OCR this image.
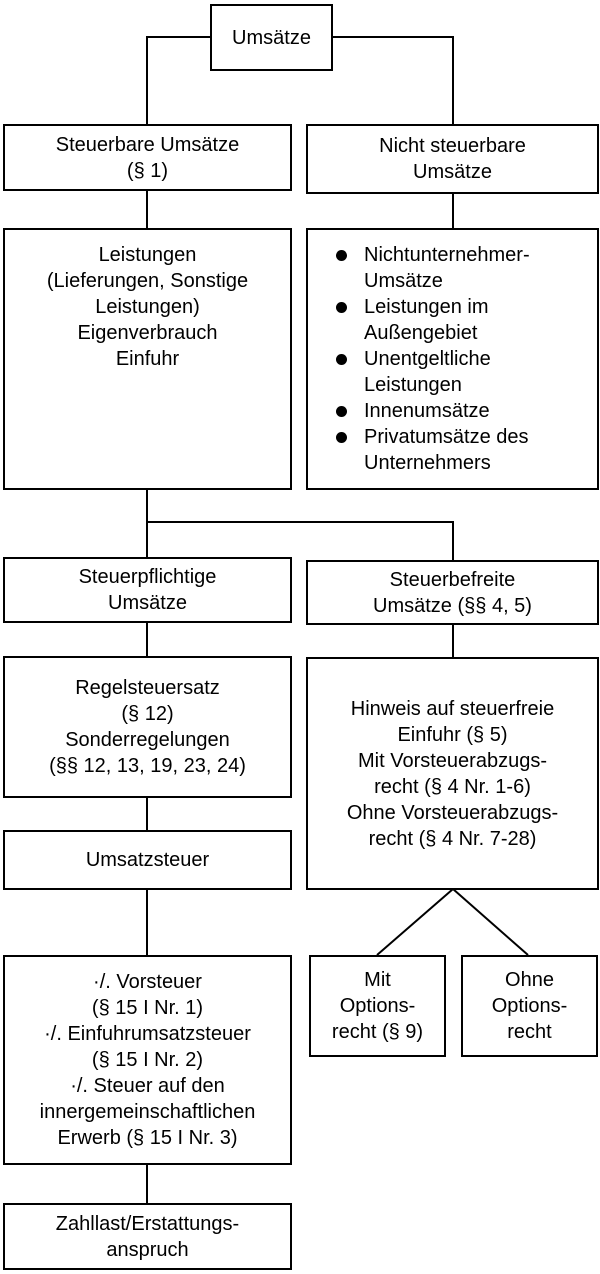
Umsätze
Steuerbare Umsätze
(§ 1)
Nicht steuerbare
Umsätze
Leistungen
(Lieferungen, Sonstige
Leistungen)
Eigenverbrauch
Einfuhr
Nichtunternehmer-
Umsätze
Leistungen im
Außengebiet
Unentgeltliche
Leistungen
Innenumsätze
Privatumsätze des
Unternehmers
Steuerpflichtige
Umsätze
Steuerbefreite
Umsätze (§§ 4, 5)
Regelsteuersatz
(§ 12)
Sonderregelungen
(§§ 12, 13, 19, 23, 24)
Hinweis auf steuerfreie
Einfuhr (§ 5)
Mit Vorsteuerabzugs-
recht (§ 4 Nr. 1-6)
Ohne Vorsteuerabzugs-
recht (§ 4 Nr. 7-28)
Umsatzsteuer
·/. Vorsteuer
(§ 15 I Nr. 1)
·/. Einfuhrumsatzsteuer
(§ 15 I Nr. 2)
·/. Steuer auf den
innergemeinschaftlichen
Erwerb (§ 15 I Nr. 3)
Mit
Options-
recht (§ 9)
Ohne
Options-
recht
Zahllast/Erstattungs-
anspruch
